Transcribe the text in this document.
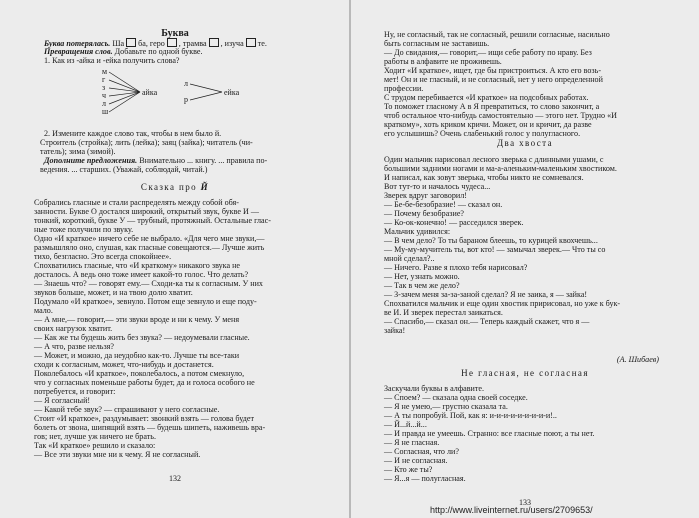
Буква
Буква потерялась. Ша ба, геро , трамва , изуча те.
Превращения слов. Добавьте по одной букве.
1. Как из -айка и -ейка получить слова?
м
г
з
ч
л
ш
айка
л
р
ейка
2. Измените каждое слово так, чтобы в нем было й.
Строитель (стройка); лить (лейка); заяц (зайка); читатель (чи-
татель); зима (зимой).
Дополните предложения. Внимательно ... книгу. ... правила по-
ведения. ... старших. (Уважай, соблюдай, читай.)
Сказка про Й
Собрались гласные и стали распределять между собой обя-
занности. Букве О достался широкий, открытый звук, букве И —
тонкий, короткий, букве У — трубный, протяжный. Остальные глас-
ные тоже получили по звуку.
Одно «И краткое» ничего себе не выбрало. «Для чего мне звуки,—
размышляло оно, слушая, как гласные совещаются.— Лучше жить
тихо, безгласно. Это всегда спокойнее».
Спохватились гласные, что «И краткому» никакого звука не
досталось. А ведь оно тоже имеет какой-то голос. Что делать?
— Знаешь что? — говорят ему.— Сходи-ка ты к согласным. У них
звуков больше, может, и на твою долю хватит.
Подумало «И краткое», зевнуло. Потом еще зевнуло и еще поду-
мало.
— А мне,— говорит,— эти звуки вроде и ни к чему. У меня
своих нагрузок хватит.
— Как же ты будешь жить без звука? — недоумевали гласные.
— А что, разве нельзя?
— Может, и можно, да неудобно как-то. Лучше ты все-таки
сходи к согласным, может, что-нибудь и достанется.
Поколебалось «И краткое», поколебалось, а потом смекнуло,
что у согласных поменьше работы будет, да и голоса особого не
потребуется, и говорит:
— Я согласный!
— Какой тебе звук? — спрашивают у него согласные.
Стоит «И краткое», раздумывает: звонкий взять — голова будет
болеть от звона, шипящий взять — будешь шипеть, наживешь вра-
гов; нет, лучше уж ничего не брать.
Так «И краткое» решило и сказало:
— Все эти звуки мне ни к чему. Я не согласный.
132
Ну, не согласный, так не согласный, решили согласные, насильно
быть согласным не заставишь.
— До свидания,— говорит,— ищи себе работу по нраву. Без
работы в алфавите не проживешь.
Ходит «И краткое», ищет, где бы пристроиться. А кто его возь-
мет! Он и не гласный, и не согласный, нет у него определенной
профессии.
С трудом перебивается «И краткое» на подсобных работах.
То поможет гласному А в Я превратиться, то слово закончит, а
чтоб остальное что-нибудь самостоятельно — этого нет. Трудно «И
краткому», хоть криком кричи. Может, он и кричит, да разве
его услышишь? Очень слабенький голос у полугласного.
Два хвоста
Один мальчик нарисовал лесного зверька с длинными ушами, с
большими задними ногами и ма-а-аленьким-маленьким хвостиком.
И написал, как зовут зверька, чтобы никто не сомневался.
Вот тут-то и началось чудеса...
Зверек вдруг заговорил!
— Бе-бе-безобразие! — сказал он.
— Почему безобразие?
— Ко-ок-конечно! — расседился зверек.
Мальчик удивился:
— В чем дело? То ты бараном блеешь, то курицей квохчешь...
— Му-му-мучитель ты, вот кто! — замычал зверек.— Что ты со
мной сделал?..
— Ничего. Разве я плохо тебя нарисовал?
— Нет, узнать можно.
— Так в чем же дело?
— З-зачем меня за-за-заной сделал? Я не заика, я — зайка!
Спохватился мальчик и еще один хвостик пририсовал, но уже к бук-
ве И. И зверек перестал заикаться.
— Спасибо,— сказал он.— Теперь каждый скажет, что я —
зайка!
(А. Шибаев)
Не гласная, не согласная
Заскучали буквы в алфавите.
— Споем? — сказала одна своей соседке.
— Я не умею,— грустно сказала та.
— А ты попробуй. Пой, как я: и-и-и-и-и-и-и-и-и!..
— Й...й...й...
— И правда не умеешь. Странно: все гласные поют, а ты нет.
— Я не гласная.
— Согласная, что ли?
— И не согласная.
— Кто же ты?
— Я...я — полугласная.
133
http://www.liveinternet.ru/users/2709653/
